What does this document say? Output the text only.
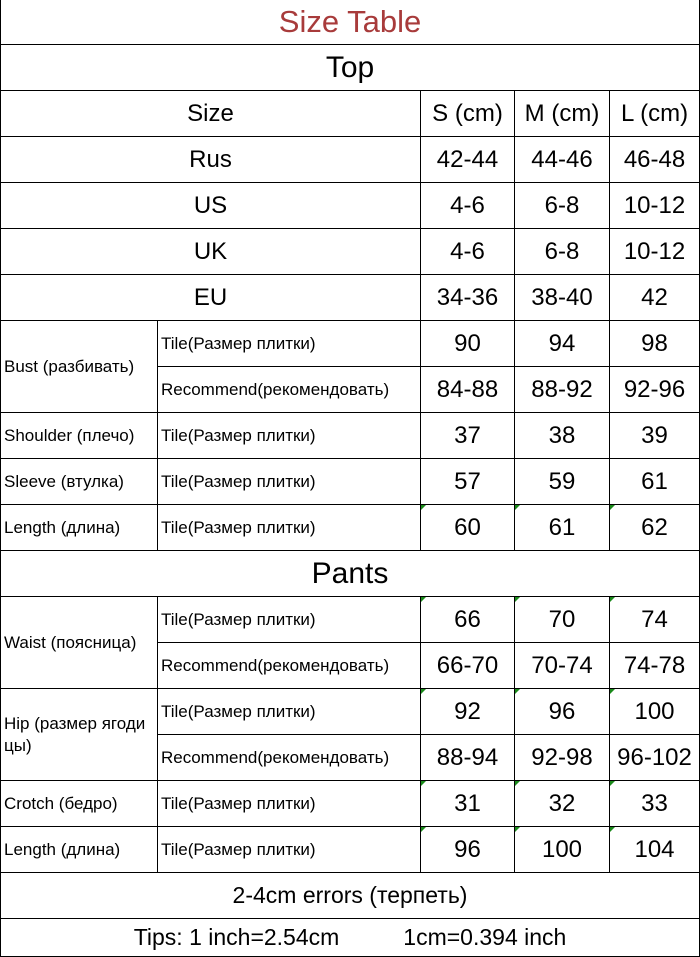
Size Table				
Top				
Size		S (cm)	M (cm)	L (cm)
Rus		42-44	44-46	46-48
US		4-6	6-8	10-12
UK		4-6	6-8	10-12
EU		34-36	38-40	42
Bust (разбивать)	Tile(Размер плитки)	90	94	98
	Recommend(рекомендовать)	84-88	88-92	92-96
Shoulder (плечо)	Tile(Размер плитки)	37	38	39
Sleeve (втулка)	Tile(Размер плитки)	57	59	61
Length (длина)	Tile(Размер плитки)	60	61	62
Pants				
Waist (поясница)	Tile(Размер плитки)	66	70	74
	Recommend(рекомендовать)	66-70	70-74	74-78
Hip (размер ягоди цы)	Tile(Размер плитки)	92	96	100
	Recommend(рекомендовать)	88-94	92-98	96-102
Crotch (бедро)	Tile(Размер плитки)	31	32	33
Length (длина)	Tile(Размер плитки)	96	100	104
2-4cm errors (терпеть)				
Tips: 1 inch=2.54cm 1cm=0.394 inch				
